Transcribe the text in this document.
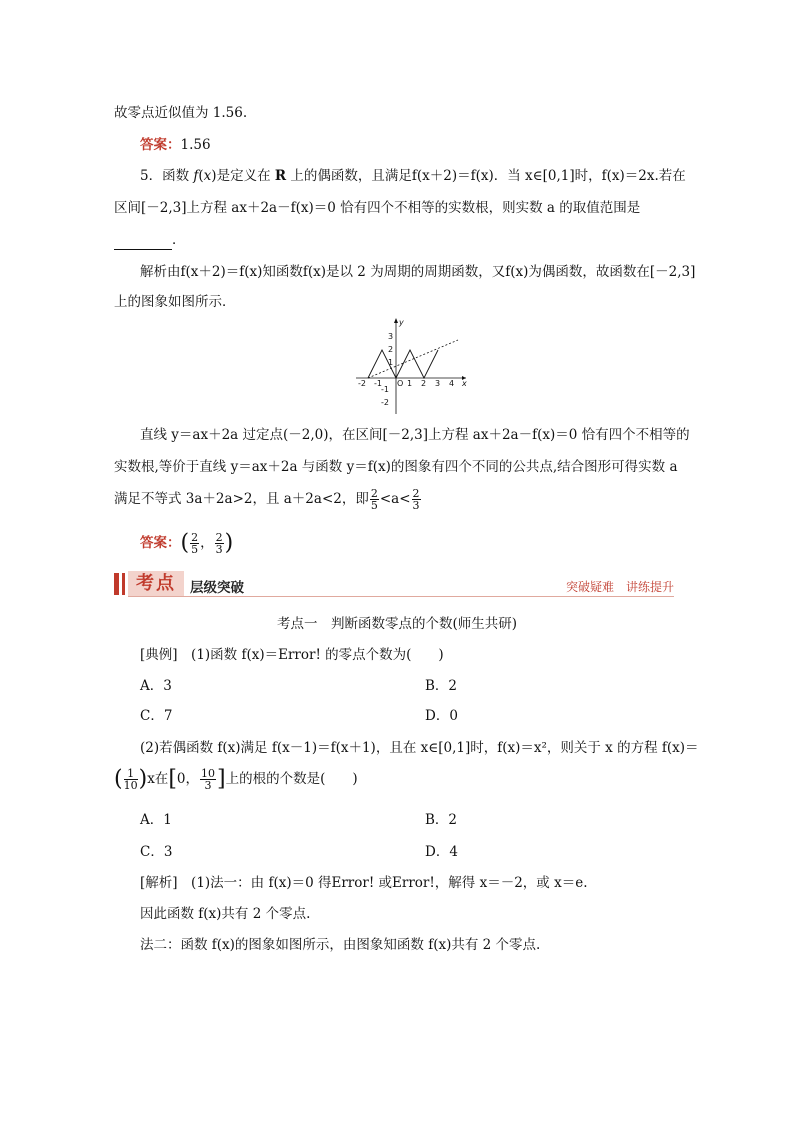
故零点近似值为 1.56.
答案：1.56
5．函数 f(x)是定义在 R 上的偶函数，且满足f(x＋2)＝f(x)．当 x∈[0,1]时，f(x)＝2x.若在
区间[－2,3]上方程 ax＋2a－f(x)＝0 恰有四个不相等的实数根，则实数 a 的取值范围是
．
解析由f(x＋2)＝f(x)知函数f(x)是以 2 为周期的周期函数，又f(x)为偶函数，故函数在[－2,3]
上的图象如图所示．
x
y
O
-2 -1	1 2 3 4
3
2
1
-1
-2
直线 y＝ax＋2a 过定点(－2,0)，在区间[－2,3]上方程 ax＋2a－f(x)＝0 恰有四个不相等的
实数根,等价于直线 y＝ax＋2a 与函数 y＝f(x)的图象有四个不同的公共点,结合图形可得实数 a
满足不等式 3a＋2a>2，且 a＋2a<2，即 $\frac{2}{5} <a< \frac{2}{3}$
答案：( $\frac{2}{5}$ ， $\frac{2}{3}$ )
考点	层级突破	突破疑难　讲练提升
考点一　判断函数零点的个数(师生共研)
[典例]　(1)函数 f(x)＝Error! 的零点个数为(　　)
A．3	B．2
C．7	D．0
(2)若偶函数 f(x)满足 f(x－1)＝f(x＋1)，且在 x∈[0,1]时，f(x)＝x²，则关于 x 的方程 f(x)＝
( $\frac{1}{10} )x$在[0， $\frac{10}{3}$ ]上的根的个数是(　　)
A．1	B．2
C．3	D．4
[解析]　(1)法一：由 f(x)＝0 得Error! 或Error!，解得 x＝－2，或 x＝e.
因此函数 f(x)共有 2 个零点.
法二：函数 f(x)的图象如图所示，由图象知函数 f(x)共有 2 个零点.
